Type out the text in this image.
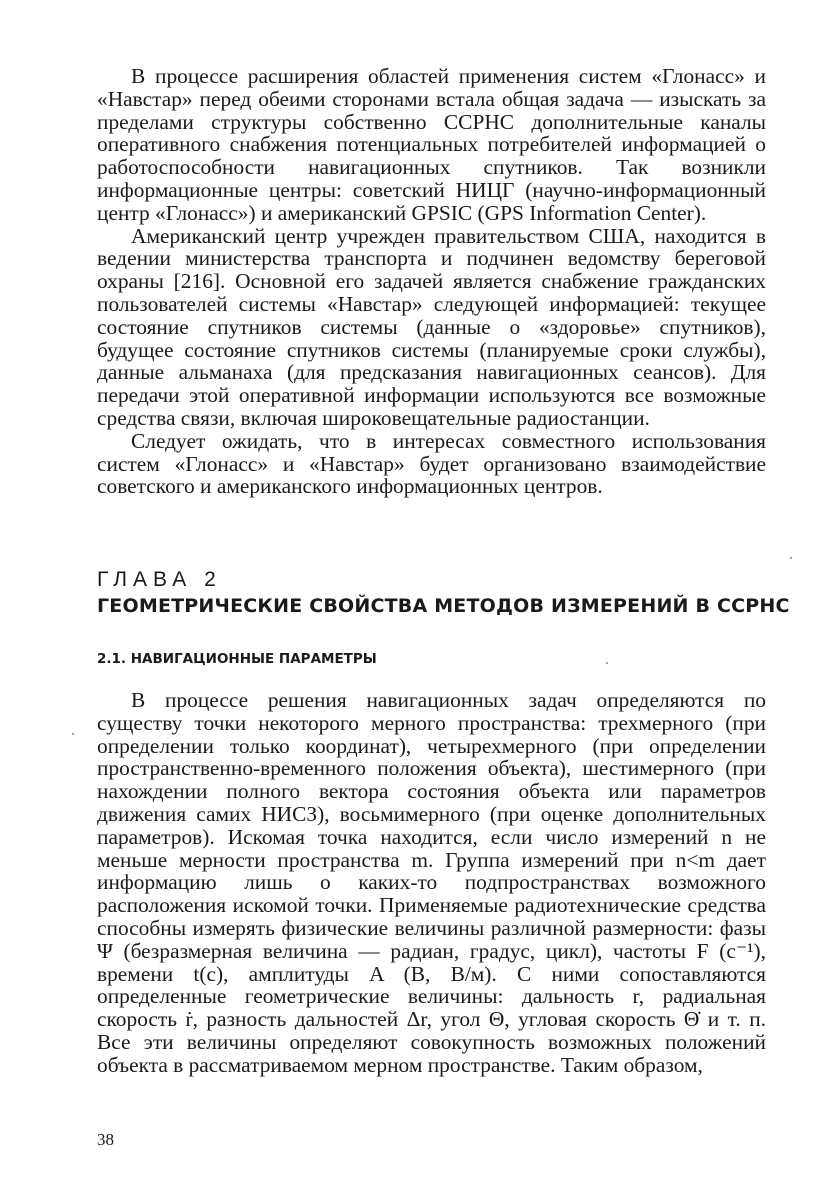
В процессе расширения областей применения систем «Глонасс» и «Навстар» перед обеими сторонами встала общая задача — изыскать за пределами структуры собственно ССРНС дополнительные каналы оперативного снабжения потенциальных потребителей информацией о работоспособности навигационных спутников. Так возникли информационные центры: советский НИЦГ (научно-информационный центр «Глонасс») и американский GPSIC (GPS Information Center).

Американский центр учрежден правительством США, находится в ведении министерства транспорта и подчинен ведомству береговой охраны [216]. Основной его задачей является снабжение гражданских пользователей системы «Навстар» следующей информацией: текущее состояние спутников системы (данные о «здоровье» спутников), будущее состояние спутников системы (планируемые сроки службы), данные альманаха (для предсказания навигационных сеансов). Для передачи этой оперативной информации используются все возможные средства связи, включая широковещательные радиостанции.

Следует ожидать, что в интересах совместного использования систем «Глонасс» и «Навстар» будет организовано взаимодействие советского и американского информационных центров.

ГЛАВА 2
ГЕОМЕТРИЧЕСКИЕ СВОЙСТВА МЕТОДОВ ИЗМЕРЕНИЙ В ССРНС
2.1. НАВИГАЦИОННЫЕ ПАРАМЕТРЫ

В процессе решения навигационных задач определяются по существу точки некоторого мерного пространства: трехмерного (при определении только координат), четырехмерного (при определении пространственно-временного положения объекта), шестимерного (при нахождении полного вектора состояния объекта или параметров движения самих НИСЗ), восьмимерного (при оценке дополнительных параметров). Искомая точка находится, если число измерений n не меньше мерности пространства m. Группа измерений при n<m дает информацию лишь о каких-то подпространствах возможного расположения искомой точки. Применяемые радиотехнические средства способны измерять физические величины различной размерности: фазы Ψ (безразмерная величина — радиан, градус, цикл), частоты F (c⁻¹), времени t(c), амплитуды A (В, В/м). С ними сопоставляются определенные геометрические величины: дальность r, радиальная скорость ṙ, разность дальностей Δr, угол Θ, угловая скорость Θ̇ и т. п. Все эти величины определяют совокупность возможных положений объекта в рассматриваемом мерном пространстве. Таким образом,

38
